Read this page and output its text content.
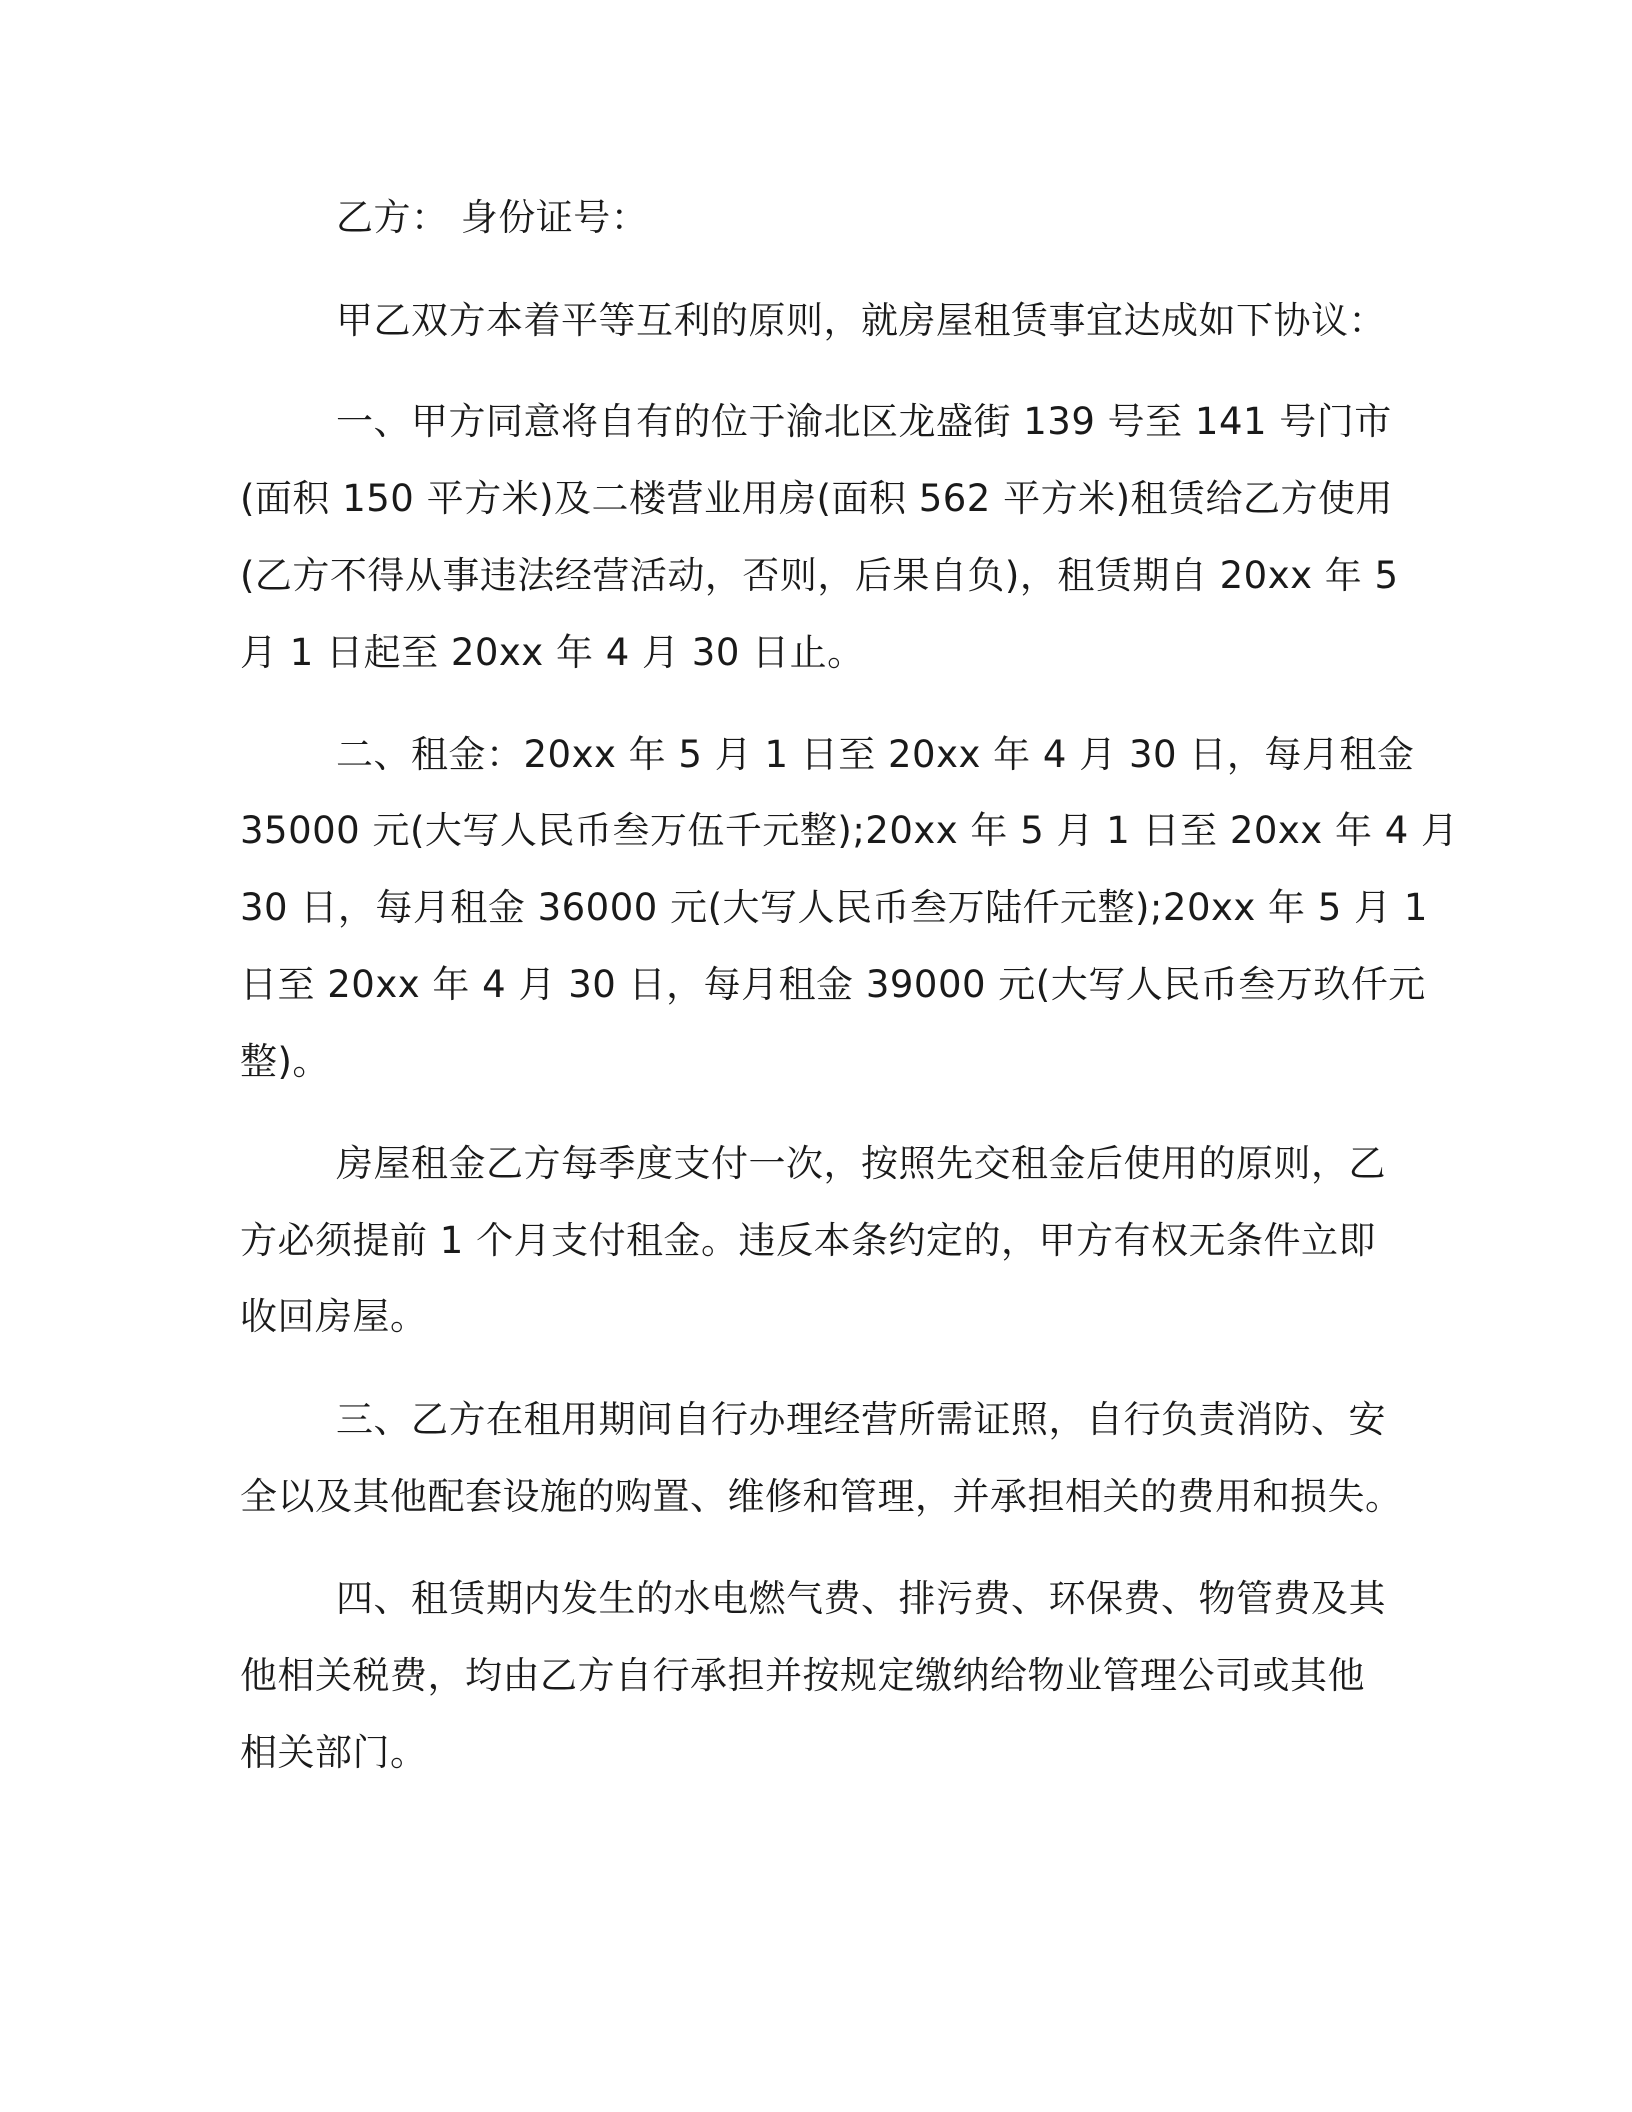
乙方： 身份证号：
甲乙双方本着平等互利的原则，就房屋租赁事宜达成如下协议：
一、甲方同意将自有的位于渝北区龙盛街 139 号至 141 号门市
(面积 150 平方米)及二楼营业用房(面积 562 平方米)租赁给乙方使用
(乙方不得从事违法经营活动，否则，后果自负)，租赁期自 20xx 年 5
月 1 日起至 20xx 年 4 月 30 日止。
二、租金：20xx 年 5 月 1 日至 20xx 年 4 月 30 日，每月租金
35000 元(大写人民币叁万伍千元整);20xx 年 5 月 1 日至 20xx 年 4 月
30 日，每月租金 36000 元(大写人民币叁万陆仟元整);20xx 年 5 月 1
日至 20xx 年 4 月 30 日，每月租金 39000 元(大写人民币叁万玖仟元
整)。
房屋租金乙方每季度支付一次，按照先交租金后使用的原则，乙
方必须提前 1 个月支付租金。违反本条约定的，甲方有权无条件立即
收回房屋。
三、乙方在租用期间自行办理经营所需证照，自行负责消防、安
全以及其他配套设施的购置、维修和管理，并承担相关的费用和损失。
四、租赁期内发生的水电燃气费、排污费、环保费、物管费及其
他相关税费，均由乙方自行承担并按规定缴纳给物业管理公司或其他
相关部门。
